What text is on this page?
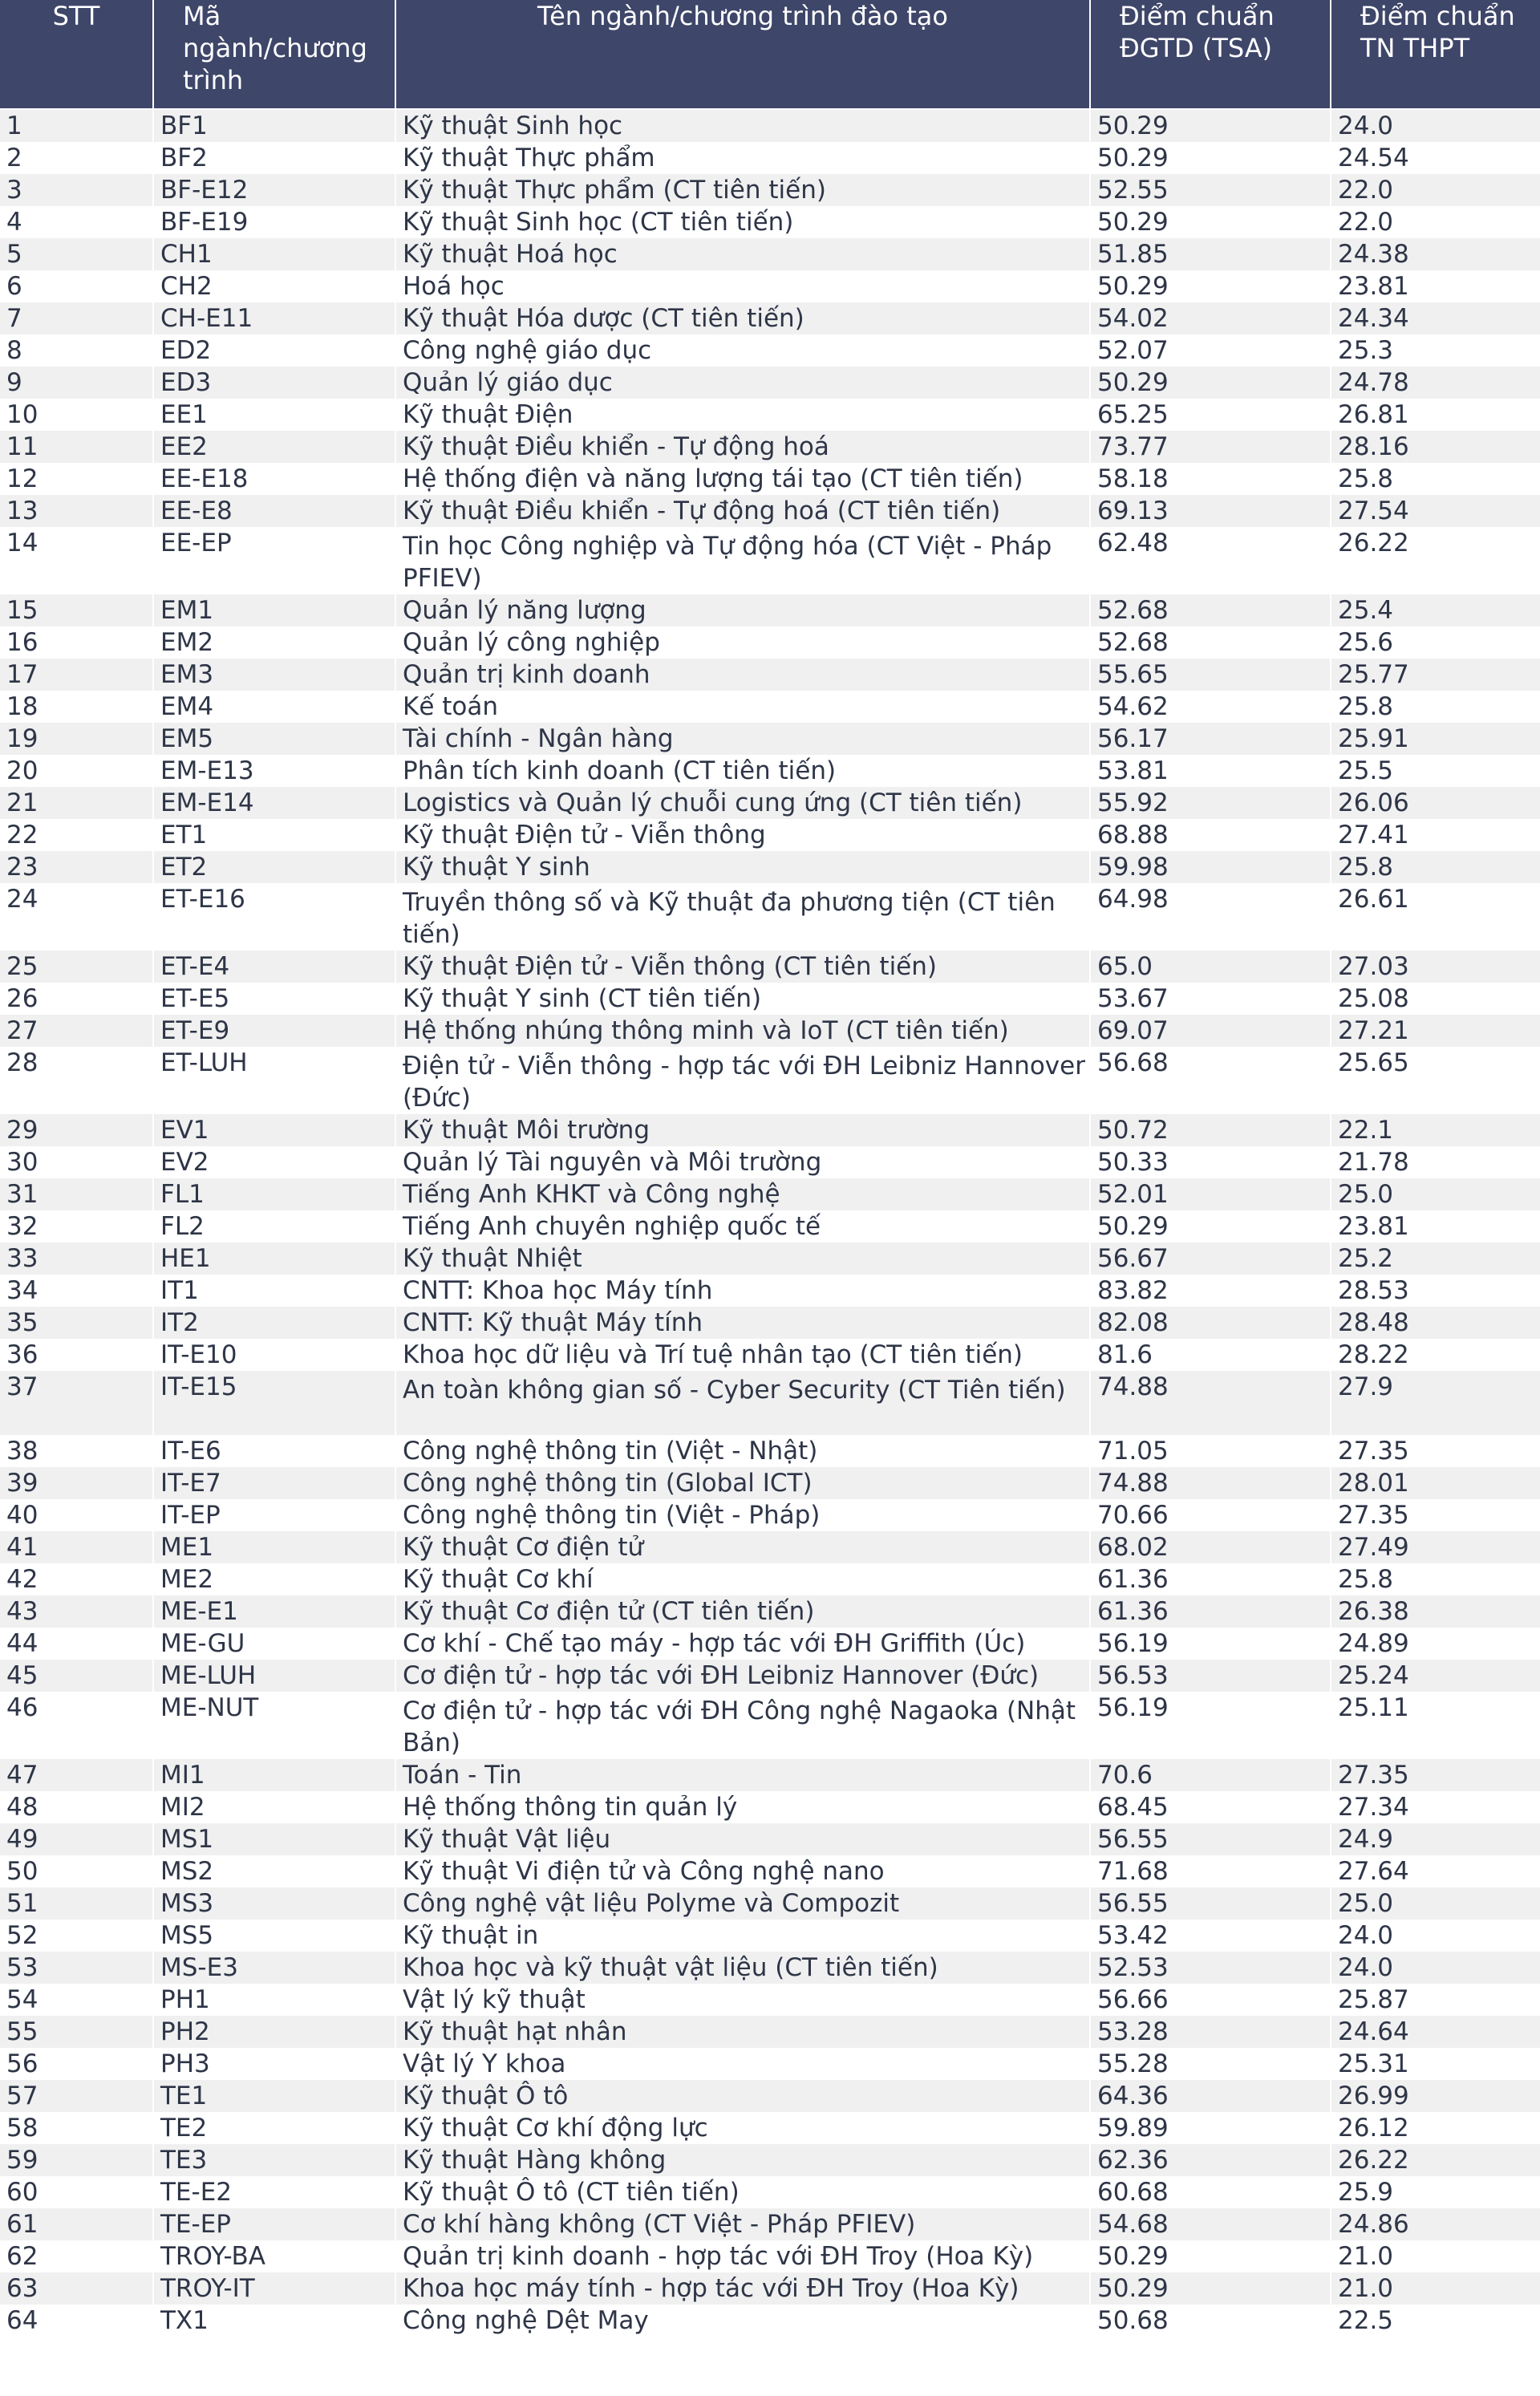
STT	Mã ngành/chương trình	Tên ngành/chương trình đào tạo	Điểm chuẩn ĐGTD (TSA)	Điểm chuẩn TN THPT
1	BF1	Kỹ thuật Sinh học	50.29	24.0
2	BF2	Kỹ thuật Thực phẩm	50.29	24.54
3	BF-E12	Kỹ thuật Thực phẩm (CT tiên tiến)	52.55	22.0
4	BF-E19	Kỹ thuật Sinh học (CT tiên tiến)	50.29	22.0
5	CH1	Kỹ thuật Hoá học	51.85	24.38
6	CH2	Hoá học	50.29	23.81
7	CH-E11	Kỹ thuật Hóa dược (CT tiên tiến)	54.02	24.34
8	ED2	Công nghệ giáo dục	52.07	25.3
9	ED3	Quản lý giáo dục	50.29	24.78
10	EE1	Kỹ thuật Điện	65.25	26.81
11	EE2	Kỹ thuật Điều khiển - Tự động hoá	73.77	28.16
12	EE-E18	Hệ thống điện và năng lượng tái tạo (CT tiên tiến)	58.18	25.8
13	EE-E8	Kỹ thuật Điều khiển - Tự động hoá (CT tiên tiến)	69.13	27.54
14	EE-EP	Tin học Công nghiệp và Tự động hóa (CT Việt - Pháp PFIEV)	62.48	26.22
15	EM1	Quản lý năng lượng	52.68	25.4
16	EM2	Quản lý công nghiệp	52.68	25.6
17	EM3	Quản trị kinh doanh	55.65	25.77
18	EM4	Kế toán	54.62	25.8
19	EM5	Tài chính - Ngân hàng	56.17	25.91
20	EM-E13	Phân tích kinh doanh (CT tiên tiến)	53.81	25.5
21	EM-E14	Logistics và Quản lý chuỗi cung ứng (CT tiên tiến)	55.92	26.06
22	ET1	Kỹ thuật Điện tử - Viễn thông	68.88	27.41
23	ET2	Kỹ thuật Y sinh	59.98	25.8
24	ET-E16	Truyền thông số và Kỹ thuật đa phương tiện (CT tiên tiến)	64.98	26.61
25	ET-E4	Kỹ thuật Điện tử - Viễn thông (CT tiên tiến)	65.0	27.03
26	ET-E5	Kỹ thuật Y sinh (CT tiên tiến)	53.67	25.08
27	ET-E9	Hệ thống nhúng thông minh và IoT (CT tiên tiến)	69.07	27.21
28	ET-LUH	Điện tử - Viễn thông - hợp tác với ĐH Leibniz Hannover (Đức)	56.68	25.65
29	EV1	Kỹ thuật Môi trường	50.72	22.1
30	EV2	Quản lý Tài nguyên và Môi trường	50.33	21.78
31	FL1	Tiếng Anh KHKT và Công nghệ	52.01	25.0
32	FL2	Tiếng Anh chuyên nghiệp quốc tế	50.29	23.81
33	HE1	Kỹ thuật Nhiệt	56.67	25.2
34	IT1	CNTT: Khoa học Máy tính	83.82	28.53
35	IT2	CNTT: Kỹ thuật Máy tính	82.08	28.48
36	IT-E10	Khoa học dữ liệu và Trí tuệ nhân tạo (CT tiên tiến)	81.6	28.22
37	IT-E15	An toàn không gian số - Cyber Security (CT Tiên tiến)	74.88	27.9
38	IT-E6	Công nghệ thông tin (Việt - Nhật)	71.05	27.35
39	IT-E7	Công nghệ thông tin (Global ICT)	74.88	28.01
40	IT-EP	Công nghệ thông tin (Việt - Pháp)	70.66	27.35
41	ME1	Kỹ thuật Cơ điện tử	68.02	27.49
42	ME2	Kỹ thuật Cơ khí	61.36	25.8
43	ME-E1	Kỹ thuật Cơ điện tử (CT tiên tiến)	61.36	26.38
44	ME-GU	Cơ khí - Chế tạo máy - hợp tác với ĐH Griffith (Úc)	56.19	24.89
45	ME-LUH	Cơ điện tử - hợp tác với ĐH Leibniz Hannover (Đức)	56.53	25.24
46	ME-NUT	Cơ điện tử - hợp tác với ĐH Công nghệ Nagaoka (Nhật Bản)	56.19	25.11
47	MI1	Toán - Tin	70.6	27.35
48	MI2	Hệ thống thông tin quản lý	68.45	27.34
49	MS1	Kỹ thuật Vật liệu	56.55	24.9
50	MS2	Kỹ thuật Vi điện tử và Công nghệ nano	71.68	27.64
51	MS3	Công nghệ vật liệu Polyme và Compozit	56.55	25.0
52	MS5	Kỹ thuật in	53.42	24.0
53	MS-E3	Khoa học và kỹ thuật vật liệu (CT tiên tiến)	52.53	24.0
54	PH1	Vật lý kỹ thuật	56.66	25.87
55	PH2	Kỹ thuật hạt nhân	53.28	24.64
56	PH3	Vật lý Y khoa	55.28	25.31
57	TE1	Kỹ thuật Ô tô	64.36	26.99
58	TE2	Kỹ thuật Cơ khí động lực	59.89	26.12
59	TE3	Kỹ thuật Hàng không	62.36	26.22
60	TE-E2	Kỹ thuật Ô tô (CT tiên tiến)	60.68	25.9
61	TE-EP	Cơ khí hàng không (CT Việt - Pháp PFIEV)	54.68	24.86
62	TROY-BA	Quản trị kinh doanh - hợp tác với ĐH Troy (Hoa Kỳ)	50.29	21.0
63	TROY-IT	Khoa học máy tính - hợp tác với ĐH Troy (Hoa Kỳ)	50.29	21.0
64	TX1	Công nghệ Dệt May	50.68	22.5
